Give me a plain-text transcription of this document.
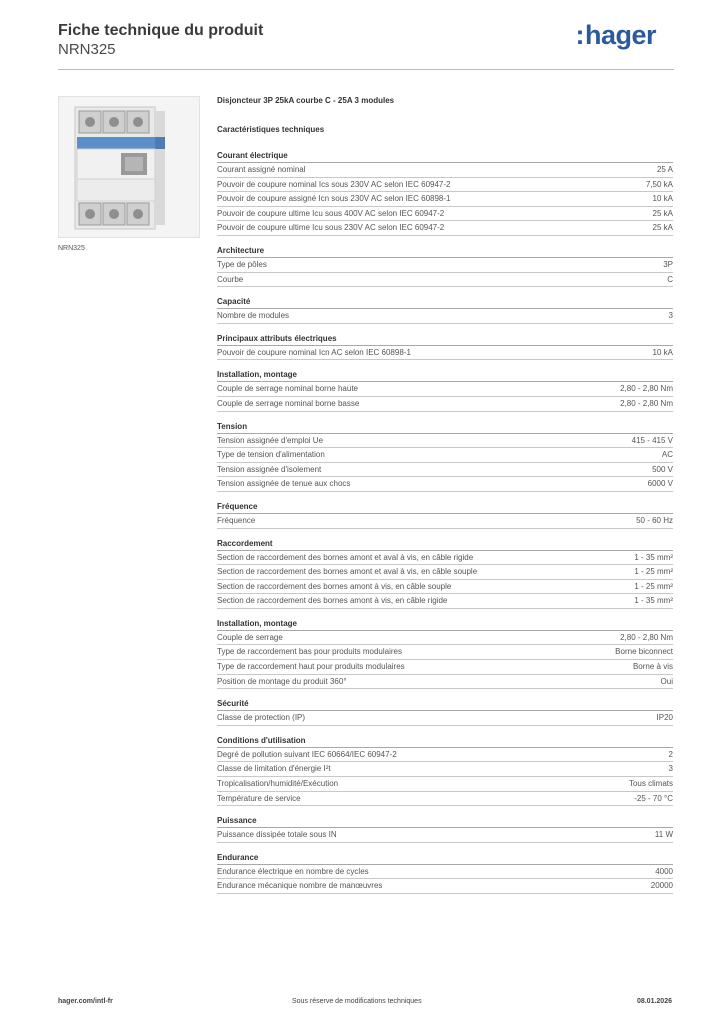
Fiche technique du produit
NRN325	:hager
NRN325
Disjoncteur 3P 25kA courbe C - 25A 3 modules
Caractéristiques techniques
Courant électrique
Courant assigné nominal	25 A
Pouvoir de coupure nominal Ics sous 230V AC selon IEC 60947-2	7,50 kA
Pouvoir de coupure assigné Icn sous 230V AC selon IEC 60898-1	10 kA
Pouvoir de coupure ultime Icu sous 400V AC selon IEC 60947-2	25 kA
Pouvoir de coupure ultime Icu sous 230V AC selon IEC 60947-2	25 kA
Architecture
Type de pôles	3P
Courbe	C
Capacité
Nombre de modules	3
Principaux attributs électriques
Pouvoir de coupure nominal Icn AC selon IEC 60898-1	10 kA
Installation, montage
Couple de serrage nominal borne haute	2,80 - 2,80 Nm
Couple de serrage nominal borne basse	2,80 - 2,80 Nm
Tension
Tension assignée d'emploi Ue	415 - 415 V
Type de tension d'alimentation	AC
Tension assignée d'isolement	500 V
Tension assignée de tenue aux chocs	6000 V
Fréquence
Fréquence	50 - 60 Hz
Raccordement
Section de raccordement des bornes amont et aval à vis, en câble rigide	1 - 35 mm²
Section de raccordement des bornes amont et aval à vis, en câble souple	1 - 25 mm²
Section de raccordement des bornes amont à vis, en câble souple	1 - 25 mm²
Section de raccordement des bornes amont à vis, en câble rigide	1 - 35 mm²
Installation, montage
Couple de serrage	2,80 - 2,80 Nm
Type de raccordement bas pour produits modulaires	Borne biconnect
Type de raccordement haut pour produits modulaires	Borne à vis
Position de montage du produit 360°	Oui
Sécurité
Classe de protection (IP)	IP20
Conditions d'utilisation
Degré de pollution suivant IEC 60664/IEC 60947-2	2
Classe de limitation d'énergie I²t	3
Tropicalisation/humidité/Exécution	Tous climats
Température de service	-25 - 70 °C
Puissance
Puissance dissipée totale sous IN	11 W
Endurance
Endurance électrique en nombre de cycles	4000
Endurance mécanique nombre de manœuvres	20000
hager.com/intl-fr	Sous réserve de modifications techniques	08.01.2026
